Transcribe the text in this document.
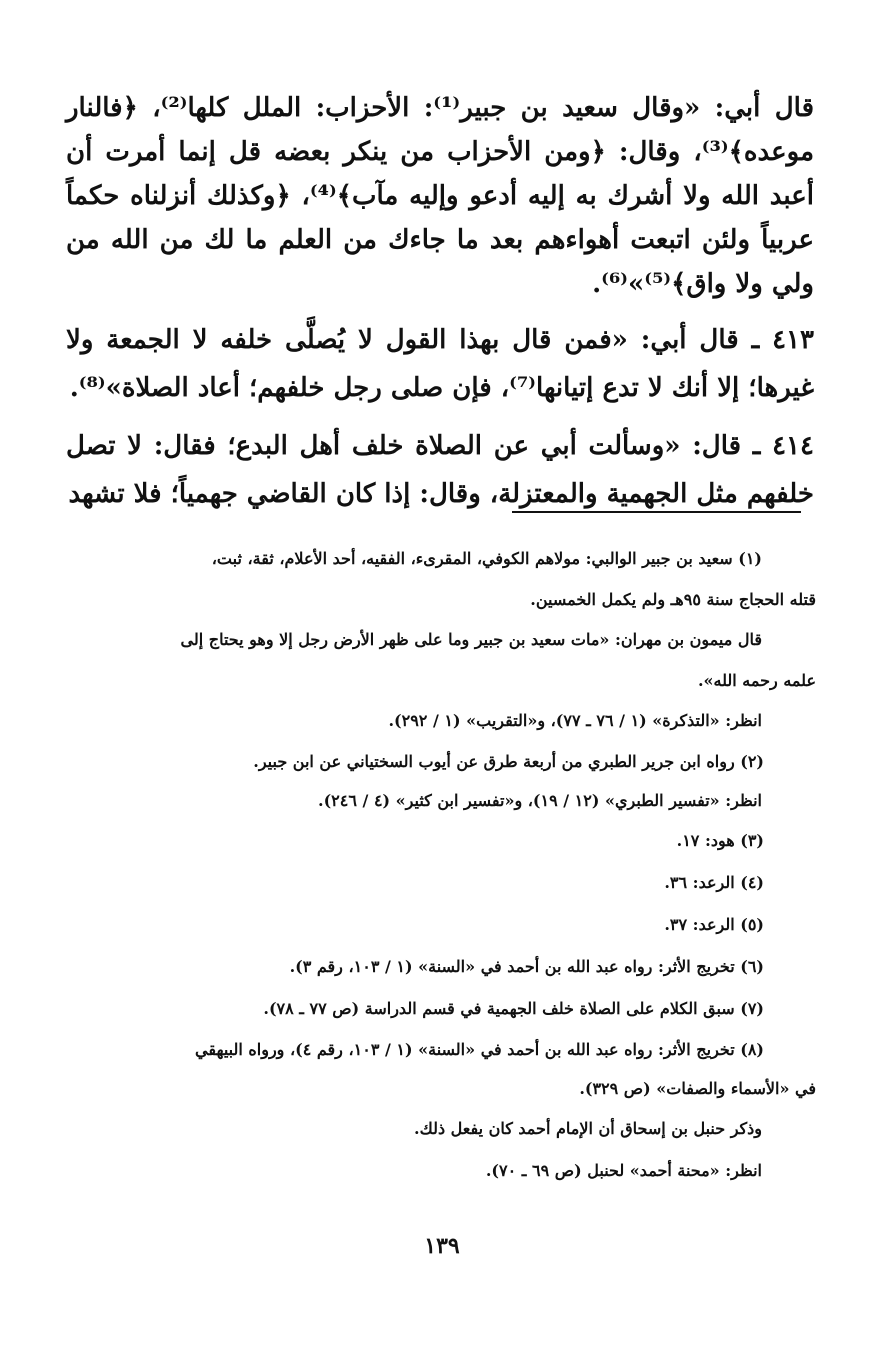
قال أبي: «وقال سعيد بن جبير⁽¹⁾: الأحزاب: الملل كلها⁽²⁾، ﴿فالنار موعده﴾⁽³⁾، وقال: ﴿ومن الأحزاب من ينكر بعضه قل إنما أمرت أن أعبد الله ولا أشرك به إليه أدعو وإليه مآب﴾⁽⁴⁾، ﴿وكذلك أنزلناه حكماً عربياً ولئن اتبعت أهواءهم بعد ما جاءك من العلم ما لك من الله من ولي ولا واق﴾⁽⁵⁾»⁽⁶⁾.

٤١٣ ـ قال أبي: «فمن قال بهذا القول لا يُصلَّى خلفه لا الجمعة ولا غيرها؛ إلا أنك لا تدع إتيانها⁽⁷⁾، فإن صلى رجل خلفهم؛ أعاد الصلاة»⁽⁸⁾.

٤١٤ ـ قال: «وسألت أبي عن الصلاة خلف أهل البدع؛ فقال: لا تصل خلفهم مثل الجهمية والمعتزلة، وقال: إذا كان القاضي جهمياً؛ فلا تشهد

(١) سعيد بن جبير الوالبي: مولاهم الكوفي، المقرىء، الفقيه، أحد الأعلام، ثقة، ثبت،

قتله الحجاج سنة ٩٥هـ ولم يكمل الخمسين.

قال ميمون بن مهران: «مات سعيد بن جبير وما على ظهر الأرض رجل إلا وهو يحتاج إلى

علمه رحمه الله».

انظر: «التذكرة» (١ / ٧٦ ـ ٧٧)، و«التقريب» (١ / ٢٩٢).

(٢) رواه ابن جرير الطبري من أربعة طرق عن أيوب السختياني عن ابن جبير.

انظر: «تفسير الطبري» (١٢ / ١٩)، و«تفسير ابن كثير» (٤ / ٢٤٦).

(٣) هود: ١٧.

(٤) الرعد: ٣٦.

(٥) الرعد: ٣٧.

(٦) تخريج الأثر: رواه عبد الله بن أحمد في «السنة» (١ / ١٠٣، رقم ٣).

(٧) سبق الكلام على الصلاة خلف الجهمية في قسم الدراسة (ص ٧٧ ـ ٧٨).

(٨) تخريج الأثر: رواه عبد الله بن أحمد في «السنة» (١ / ١٠٣، رقم ٤)، ورواه البيهقي

في «الأسماء والصفات» (ص ٣٢٩).

وذكر حنبل بن إسحاق أن الإمام أحمد كان يفعل ذلك.

انظر: «محنة أحمد» لحنبل (ص ٦٩ ـ ٧٠).

١٣٩
